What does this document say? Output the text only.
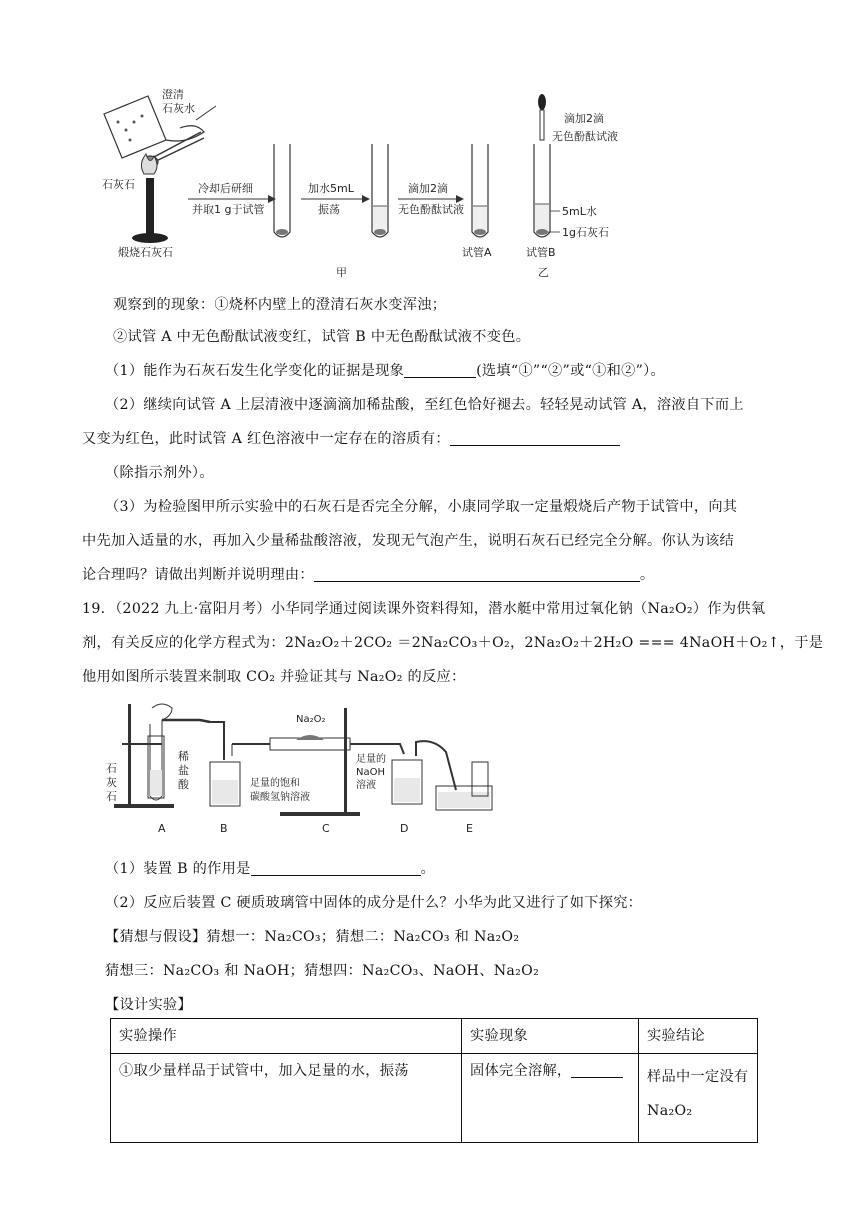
澄清石灰水
石灰石
煅烧石灰石
冷却后研细
并取1 g于试管
加水5mL
振荡
滴加2滴
无色酚酞试液
试管A
滴加2滴
无色酚酞试液
5mL水
1g石灰石
试管B
甲	乙
观察到的现象：①烧杯内壁上的澄清石灰水变浑浊；
②试管 A 中无色酚酞试液变红，试管 B 中无色酚酞试液不变色。
（1）能作为石灰石发生化学变化的证据是现象	(选填“①”“②”或“①和②”）。
（2）继续向试管 A 上层清液中逐滴滴加稀盐酸，至红色恰好褪去。轻轻晃动试管 A，溶液自下而上
又变为红色，此时试管 A 红色溶液中一定存在的溶质有：
（除指示剂外）。
（3）为检验图甲所示实验中的石灰石是否完全分解，小康同学取一定量煅烧后产物于试管中，向其
中先加入适量的水，再加入少量稀盐酸溶液，发现无气泡产生，说明石灰石已经完全分解。你认为该结
论合理吗？请做出判断并说明理由：	。
19．（2022 九上·富阳月考）小华同学通过阅读课外资料得知，潜水艇中常用过氧化钠（Na₂O₂）作为供氧
剂，有关反应的化学方程式为：2Na₂O₂＋2CO₂ ＝2Na₂CO₃＋O₂，2Na₂O₂＋2H₂O === 4NaOH＋O₂↑，于是
他用如图所示装置来制取 CO₂ 并验证其与 Na₂O₂ 的反应：
石灰石
稀盐酸
A
足量的饱和碳酸氢钠溶液
B
Na₂O₂
C
足量的 NaOH 溶液
D	E
（1）装置 B 的作用是	。
（2）反应后装置 C 硬质玻璃管中固体的成分是什么？小华为此又进行了如下探究：
【猜想与假设】猜想一：Na₂CO₃；猜想二：Na₂CO₃ 和 Na₂O₂
猜想三：Na₂CO₃ 和 NaOH；猜想四：Na₂CO₃、NaOH、Na₂O₂
【设计实验】
实验操作	实验现象	实验结论
①取少量样品于试管中，加入足量的水，振荡	固体完全溶解，	样品中一定没有 Na₂O₂
